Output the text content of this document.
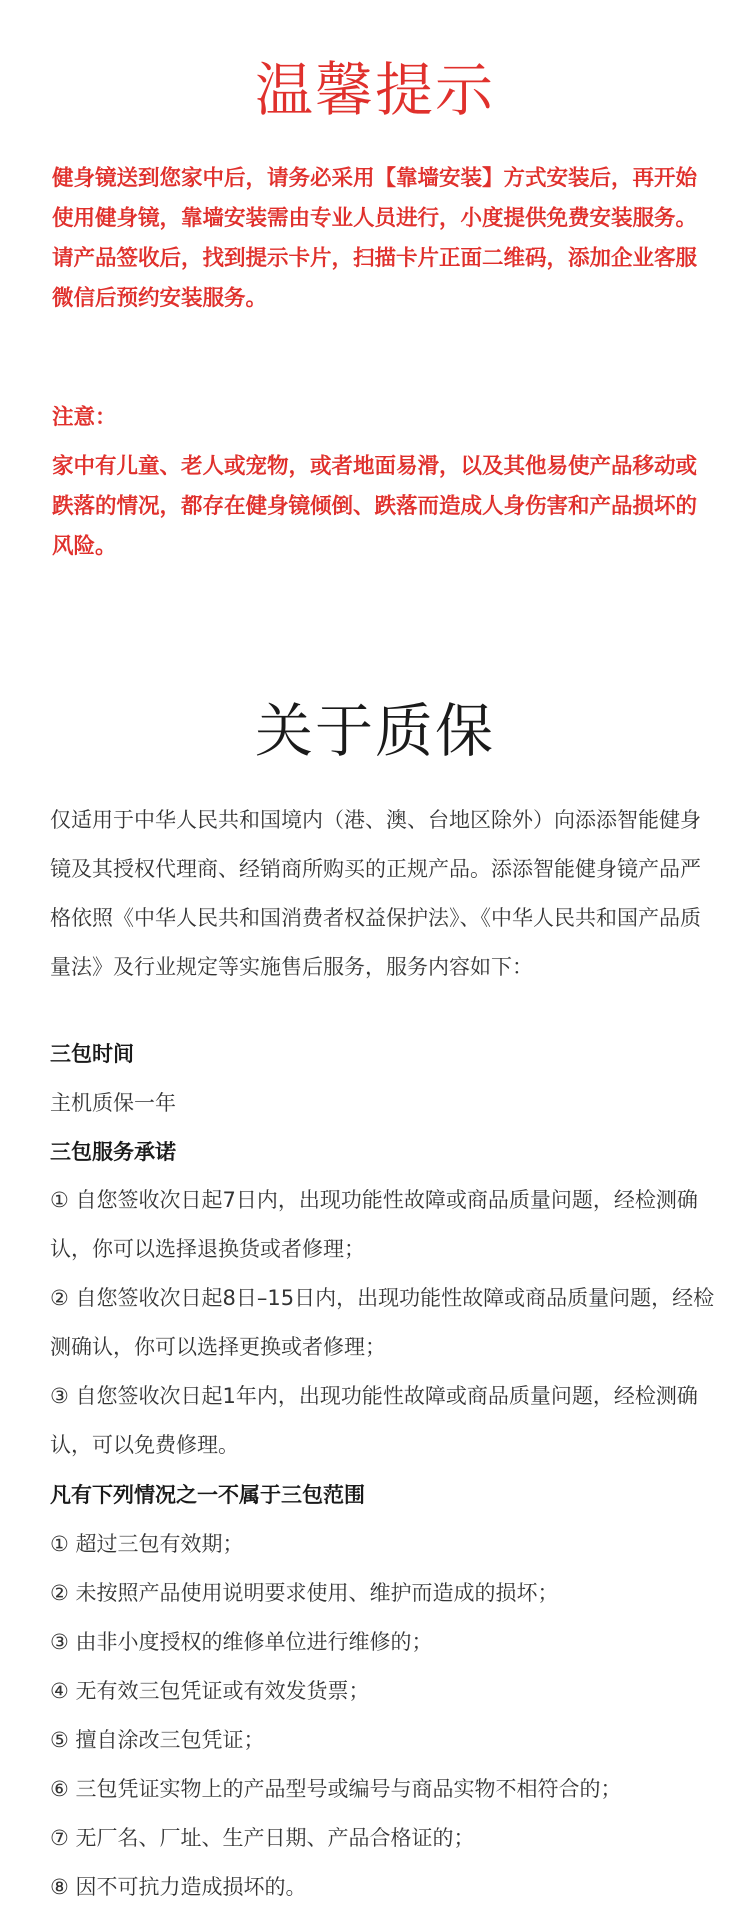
温馨提示
健身镜送到您家中后，请务必采用【靠墙安装】方式安装后，再开始使用健身镜，靠墙安装需由专业人员进行，小度提供免费安装服务。请产品签收后，找到提示卡片，扫描卡片正面二维码，添加企业客服微信后预约安装服务。
注意：
家中有儿童、老人或宠物，或者地面易滑，以及其他易使产品移动或跌落的情况，都存在健身镜倾倒、跌落而造成人身伤害和产品损坏的风险。
关于质保
仅适用于中华人民共和国境内（港、澳、台地区除外）向添添智能健身镜及其授权代理商、经销商所购买的正规产品。添添智能健身镜产品严格依照《中华人民共和国消费者权益保护法》、《中华人民共和国产品质量法》及行业规定等实施售后服务，服务内容如下：
三包时间
主机质保一年
三包服务承诺
① 自您签收次日起7日内，出现功能性故障或商品质量问题，经检测确认，你可以选择退换货或者修理；
② 自您签收次日起8日–15日内，出现功能性故障或商品质量问题，经检测确认，你可以选择更换或者修理；
③ 自您签收次日起1年内，出现功能性故障或商品质量问题，经检测确认，可以免费修理。
凡有下列情况之一不属于三包范围
① 超过三包有效期；
② 未按照产品使用说明要求使用、维护而造成的损坏；
③ 由非小度授权的维修单位进行维修的；
④ 无有效三包凭证或有效发货票；
⑤ 擅自涂改三包凭证；
⑥ 三包凭证实物上的产品型号或编号与商品实物不相符合的；
⑦ 无厂名、厂址、生产日期、产品合格证的；
⑧ 因不可抗力造成损坏的。
